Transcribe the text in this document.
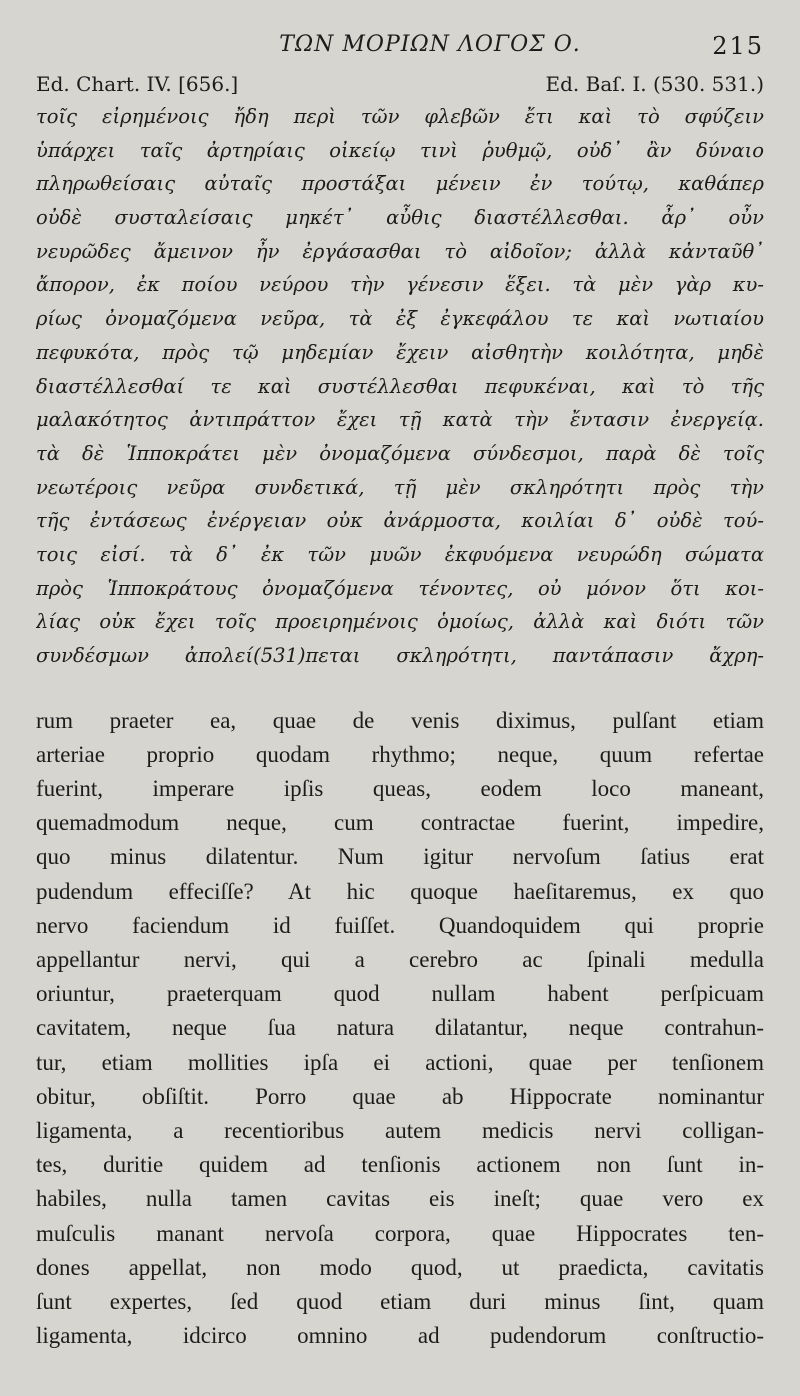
ΤΩΝ ΜΟΡΙΩΝ ΛΟΓΟΣ Ο.	215
Ed. Chart. IV. [656.]	Ed. Baſ. I. (530. 531.)
τοῖς εἰρημένοις ἤδη περὶ τῶν φλεβῶν ἔτι καὶ τὸ σφύζειν
ὑπάρχει ταῖς ἀρτηρίαις οἰκείῳ τινὶ ῥυθμῷ, οὐδ᾽ ἂν δύναιο
πληρωθείσαις αὐταῖς προστάξαι μένειν ἐν τούτῳ, καθάπερ
οὐδὲ συσταλείσαις μηκέτ᾽ αὖθις διαστέλλεσθαι. ἆρ᾽ οὖν
νευρῶδες ἄμεινον ἦν ἐργάσασθαι τὸ αἰδοῖον; ἀλλὰ κἀνταῦθ᾽
ἄπορον, ἐκ ποίου νεύρου τὴν γένεσιν ἕξει. τὰ μὲν γὰρ κυ-
ρίως ὀνομαζόμενα νεῦρα, τὰ ἐξ ἐγκεφάλου τε καὶ νωτιαίου
πεφυκότα, πρὸς τῷ μηδεμίαν ἔχειν αἰσθητὴν κοιλότητα, μηδὲ
διαστέλλεσθαί τε καὶ συστέλλεσθαι πεφυκέναι, καὶ τὸ τῆς
μαλακότητος ἀντιπράττον ἔχει τῇ κατὰ τὴν ἔντασιν ἐνεργείᾳ.
τὰ δὲ Ἱπποκράτει μὲν ὀνομαζόμενα σύνδεσμοι, παρὰ δὲ τοῖς
νεωτέροις νεῦρα συνδετικά, τῇ μὲν σκληρότητι πρὸς τὴν
τῆς ἐντάσεως ἐνέργειαν οὐκ ἀνάρμοστα, κοιλίαι δ᾽ οὐδὲ τού-
τοις εἰσί. τὰ δ᾽ ἐκ τῶν μυῶν ἐκφυόμενα νευρώδη σώματα
πρὸς Ἱπποκράτους ὀνομαζόμενα τένοντες, οὐ μόνον ὅτι κοι-
λίας οὐκ ἔχει τοῖς προειρημένοις ὁμοίως, ἀλλὰ καὶ διότι τῶν
συνδέσμων ἀπολεί(531)πεται σκληρότητι, παντάπασιν ἄχρη-
rum praeter ea, quae de venis diximus, pulſant etiam
arteriae proprio quodam rhythmo; neque, quum refertae
fuerint, imperare ipſis queas, eodem loco maneant,
quemadmodum neque, cum contractae fuerint, impedire,
quo minus dilatentur. Num igitur nervoſum ſatius erat
pudendum effeciſſe? At hic quoque haeſitaremus, ex quo
nervo faciendum id fuiſſet. Quandoquidem qui proprie
appellantur nervi, qui a cerebro ac ſpinali medulla
oriuntur, praeterquam quod nullam habent perſpicuam
cavitatem, neque ſua natura dilatantur, neque contrahun-
tur, etiam mollities ipſa ei actioni, quae per tenſionem
obitur, obſiſtit. Porro quae ab Hippocrate nominantur
ligamenta, a recentioribus autem medicis nervi colligan-
tes, duritie quidem ad tenſionis actionem non ſunt in-
habiles, nulla tamen cavitas eis ineſt; quae vero ex
muſculis manant nervoſa corpora, quae Hippocrates ten-
dones appellat, non modo quod, ut praedicta, cavitatis
ſunt expertes, ſed quod etiam duri minus ſint, quam
ligamenta, idcirco omnino ad pudendorum conſtructio-
